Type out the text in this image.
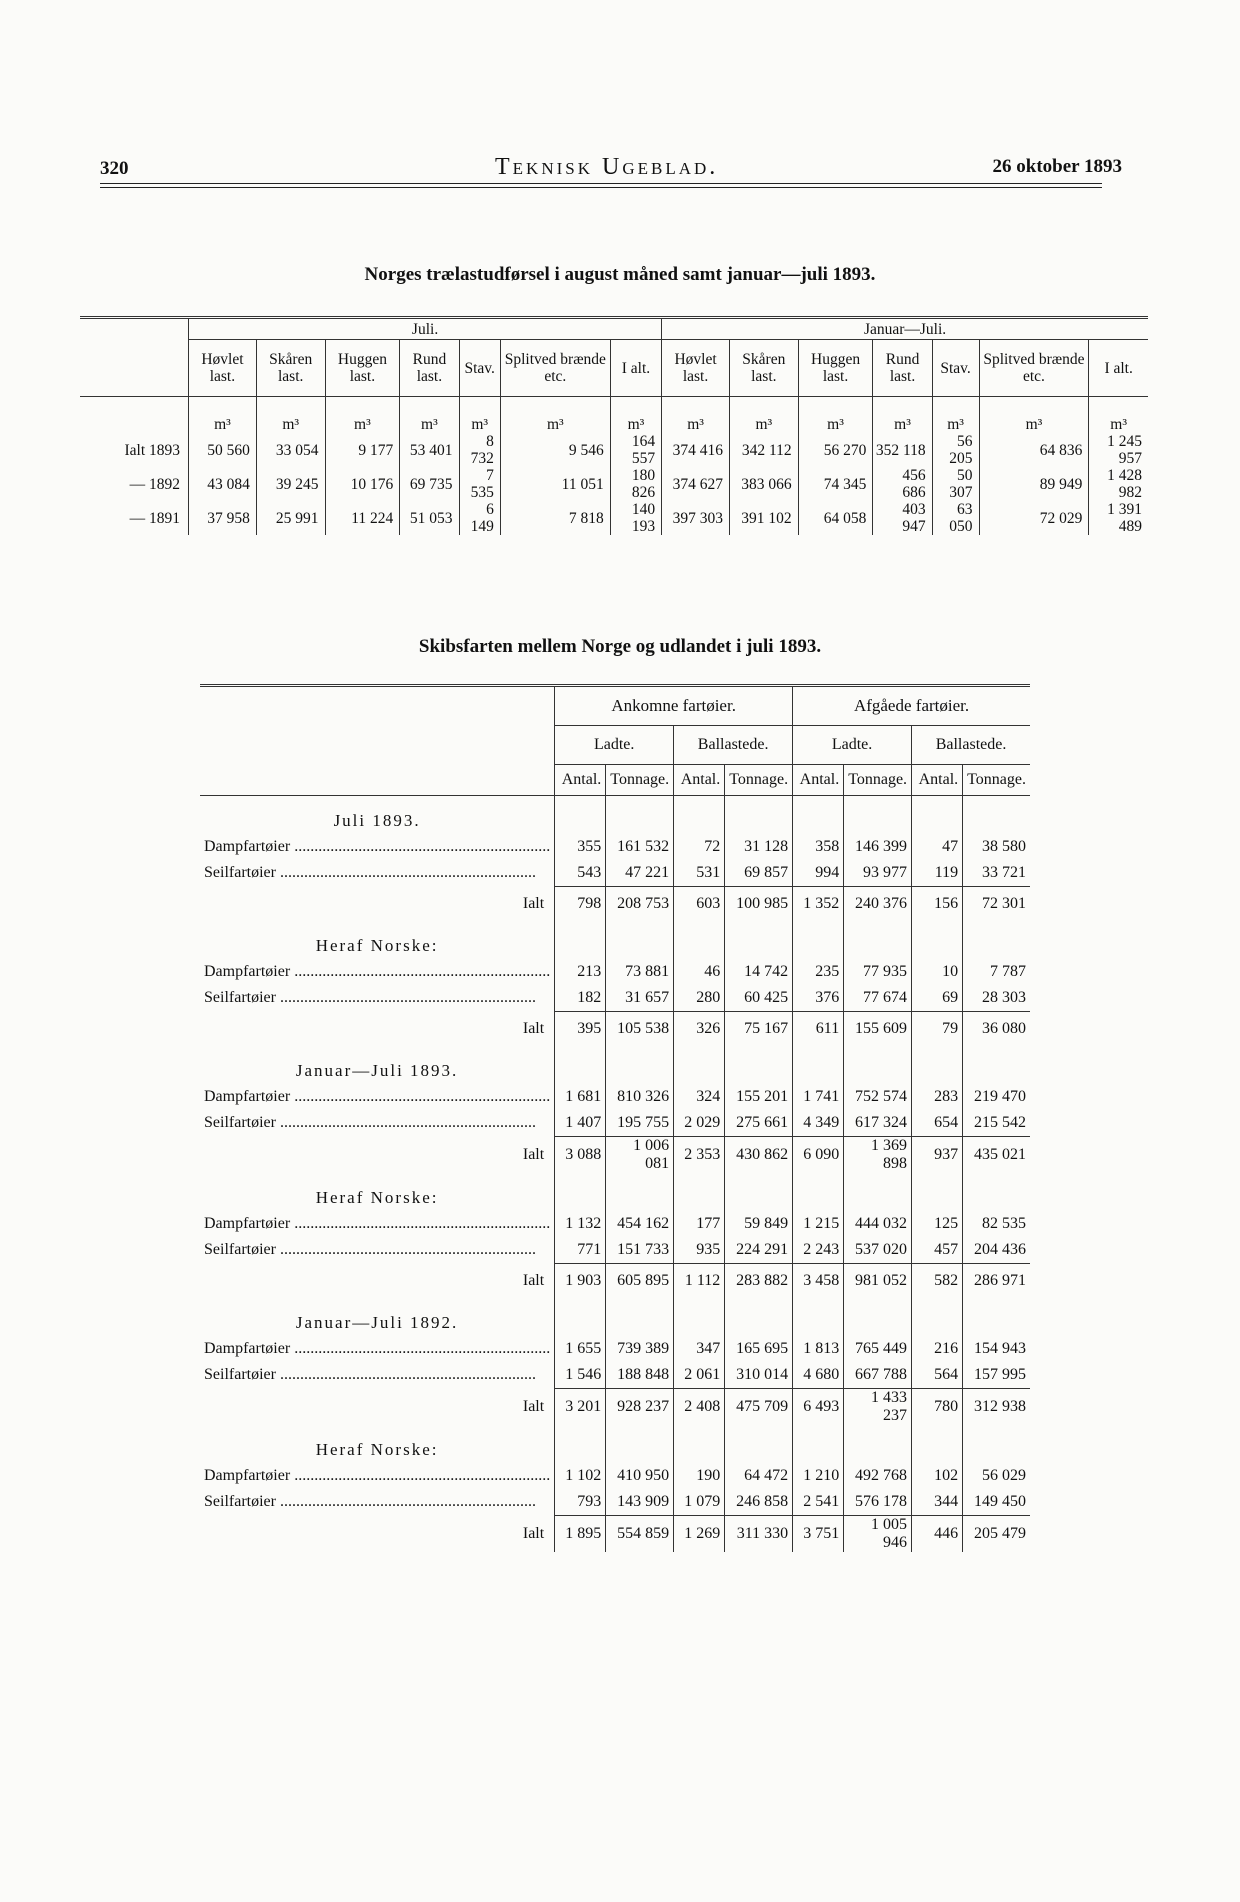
320	Teknisk Ugeblad.	26 oktober 1893
Norges trælastudførsel i august måned samt januar—juli 1893.
	Juli.							Januar—Juli.						
	Høvlet last.	Skåren last.	Huggen last.	Rund last.	Stav.	Splitved brænde etc.	I alt.	Høvlet last.	Skåren last.	Huggen last.	Rund last.	Stav.	Splitved brænde etc.	I alt.
	m³	m³	m³	m³	m³	m³	m³	m³	m³	m³	m³	m³	m³	m³
Ialt 1893	50 560	33 054	9 177	53 401	8 732	9 546	164 557	374 416	342 112	56 270	352 118	56 205	64 836	1 245 957
— 1892	43 084	39 245	10 176	69 735	7 535	11 051	180 826	374 627	383 066	74 345	456 686	50 307	89 949	1 428 982
— 1891	37 958	25 991	11 224	51 053	6 149	7 818	140 193	397 303	391 102	64 058	403 947	63 050	72 029	1 391 489
Skibsfarten mellem Norge og udlandet i juli 1893.
	Ankomne fartøier.				Afgåede fartøier.			
	Ladte.		Ballastede.		Ladte.		Ballastede.	
	Antal.	Tonnage.	Antal.	Tonnage.	Antal.	Tonnage.	Antal.	Tonnage.

Juli 1893.								

Dampfartøier .....	355	161 532	72	31 128	358	146 399	47	38 580

Seilfartøier .....	543	47 221	531	69 857	994	93 977	119	33 721
Ialt	798	208 753	603	100 985	1 352	240 376	156	72 301

Heraf Norske:								

Dampfartøier .....	213	73 881	46	14 742	235	77 935	10	7 787

Seilfartøier .....	182	31 657	280	60 425	376	77 674	69	28 303
Ialt	395	105 538	326	75 167	611	155 609	79	36 080

Januar—Juli 1893.								

Dampfartøier .....	1 681	810 326	324	155 201	1 741	752 574	283	219 470

Seilfartøier .....	1 407	195 755	2 029	275 661	4 349	617 324	654	215 542
Ialt	3 088	1 006 081	2 353	430 862	6 090	1 369 898	937	435 021

Heraf Norske:								

Dampfartøier .....	1 132	454 162	177	59 849	1 215	444 032	125	82 535

Seilfartøier .....	771	151 733	935	224 291	2 243	537 020	457	204 436
Ialt	1 903	605 895	1 112	283 882	3 458	981 052	582	286 971

Januar—Juli 1892.								

Dampfartøier .....	1 655	739 389	347	165 695	1 813	765 449	216	154 943

Seilfartøier .....	1 546	188 848	2 061	310 014	4 680	667 788	564	157 995
Ialt	3 201	928 237	2 408	475 709	6 493	1 433 237	780	312 938

Heraf Norske:								

Dampfartøier .....	1 102	410 950	190	64 472	1 210	492 768	102	56 029

Seilfartøier .....	793	143 909	1 079	246 858	2 541	576 178	344	149 450
Ialt	1 895	554 859	1 269	311 330	3 751	1 005 946	446	205 479
